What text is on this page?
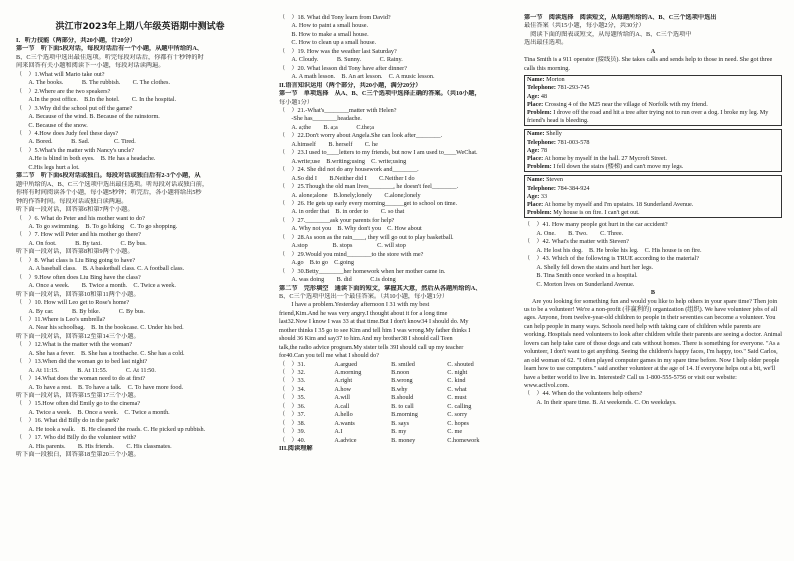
洪江市2023年上期八年级英语期中测试卷

I．听力技能（两部分，共20小题，计20分）

第一节　听下面5段对话，每段对话后有一个小题，从题中所给的A、

B、C三个选项中选出最佳选项。听完每段对话后，你都有十秒钟的时

间来回答有关小题和阅读下一小题，每段对话读两遍。

（　）1.What will Mario take out?

　　A. The books.　　　B. The rubbish.　　C. The clothes.

（　）2.Where are the two speakers?

　　A.In the post office.　B.In the hotel.　　C. In the hospital.

（　）3.Why did the school put off the game?

　　A. Because of the wind. B. Because of the rainstorm.

　　C. Because of the snow.

（　）4.How does Judy feel these days?

　　A. Bored.　　　B. Sad.　　　　C. Tired.

（　）5.What's the matter with Nancy's uncle?

　　A.He is blind in both eyes.　B. He has a headache.

　　C.His legs hurt a lot.

第二节　听下面6段对话或独白。每段对话或独白后有2-3个小题，从

题中所给的A、B、C三个选项中选出最佳选项。听每段对话或独白前，

你将有时间阅读各个小题，每小题5秒钟；听完后，各小题将给出5秒

钟的作答时间。每段对话或独白读两遍。

听下面一段对话，回答第6和第7两个小题。

（　）6. What do Peter and his mother want to do?

　　A. To go swimming.　B. To go hiking　C. To go shopping.

（　）7. How will Peter and his mother go there?

　　A. On foot.　　　B. By taxi.　　　C. By bus.

听下面一段对话，回答第8和第9两个小题。

（　）8. What class is Liu Bing going to have?

　　A. A baseball class.　B. A basketball class. C. A football class.

（　）9.How often does Liu Bing have the class?

　　A. Once a week.　　B. Twice a month.　C. Twice a week.

听下面一段对话，回答第10和第11两个小题。

（　）10. How will Leo get to Rose's home?

　　A. By car.　　　B. By bike.　　　C. By bus.

（　）11.Where is Leo's umbrella?

　　A. Near his schoolbag.　B. In the bookcase. C. Under his bed.

听下面一段对话，回答第12至第14三个小题。

（　）12.What is the matter with the woman?

　　A. She has a fever.　B. She has a toothache. C. She has a cold.

（　）13.When did the woman go to bed last night?

　　A. At 11:15.　　　B. At 11:55.　　　C. At 11:50.

（　）14.What does the woman need to do at first?

　　A. To have a rest.　B. To have a talk.　C. To have more food.

听下面一段对话，回答第15至第17三个小题。

（　）15.How often did Emily go to the cinema?

　　A. Twice a week.　B. Once a week.　C. Twice a month.

（　）16. What did Billy do in the park?

　　A. He took a walk.　B. He cleaned the roads. C. He picked up rubbish.

（　）17. Who did Billy do the volunteer with?

　　A. His parents.　　B. His friends.　　C. His classmates.

听下面一段独白，回答第18至第20三个小题。

（　）18. What did Tony learn from David?

　　A. How to paint a small house.

　　B. How to make a small house.

　　C. How to clean up a small house.

（　）19. How was the weather last Saturday?

　　A. Cloudy.　　　B. Sunny.　　　C. Rainy.

（　）20. What lesson did Tony have after dinner?

　　A. A math lesson.　B. An art lesson.　C. A music lesson.

II.语言知识运用（两个部分，共20小题，满分20分）

第一节　单项选择　从A、B、C三个选项中选择正确的答案。（共10小题，

每小题1分）

（　）21.-What's________matter with Helen?

　　-She has________headache.

　　A. a;the　　B. a;a　　　C.the;a

（　）22.Don't worry about Angela.She can look after________.

　　A.himself　　B. herself　　C. he

（　）23.I used to____letters to my friends, but now I am used to____WeChat.

　　A.write;use　B.writing;using　C. write;using

（　）24. She did not do any housework and________.

　　A.So did I　　B.Neither did I　　C.Neither I do

（　）25.Though the old man lives________, he doesn't feel________.

　　A. alone;alone　B.lonely;lonely　　C.alone;lonely

（　）26. He gets up early every morning______get to school on time.

　　A. in order that　B. in order to　　C. so that

（　）27.________ask your parents for help?

　　A. Why not you　B. Why don't you　C. How about

（　）28.As soon as the rain____, they will go out to play basketball.

　　A.stop　　　　B. stops　　　　C. will stop

（　）29.Would you mind________to the store with me?

　　A.go　B.to go　C.going

（　）30.Betty________her homework when her mother came in.

　　A. was doing　　B. did　　　C.is doing

第二节　完形填空　通读下面的短文，掌握其大意，然后从各题所给的A、

B、C三个选项中选出一个最佳答案。（共10小题，每小题1分）

　　I have a problem.Yesterday afternoon I 31 with my best

friend,Kim.And he was very angry.I thought about it for a long time

last32.Now I know I was 33 at that time.But I don't know34 I should do. My

mother thinks I 35 go to see Kim and tell him I was wrong.My father thinks I

should 36 Kim and say37 to him.And my brother38 I should call Teen

talk,the radio advice program.My sister tells 39I should call up my teacher

for40.Can you tell me what I should do?

（　）31.	A.argued	B. smiled	C. shouted
（　）32.	A.morning	B.noon	C. night
（　）33.	A.right	B.wrong	C. kind
（　）34.	A.how	B.why	C. what
（　）35.	A.will	B.should	C. must
（　）36.	A.call	B. to call	C. calling
（　）37.	A.hello	B.morning	C. sorry
（　）38.	A.wants	B. says	C. hopes
（　）39.	A.I	B. my	C. me
（　）40.	A.advice	B. money	C.homework

III.阅读理解

第一节　阅读选择　阅读短文，从每题所给的A、B、C三个选项中选出

最佳答案（共15小题，每小题2分，共30分）

　阅读下面的图表或短文，从每题所给的A、B、C三个选项中

选出最佳选项。

A

Tina Smith is a 911 operator (接线员). She takes calls and sends help to those in need. She got three calls this morning.

Name: Morton

Telephone: 781-293-745

Age: 48

Place: Crossing 4 of the M25 near the village of Norfolk with my friend.

Problem: I drove off the road and hit a tree after trying not to run over a dog. I broke my leg. My friend's head is bleeding.

Name: Shelly

Telephone: 781-003-578

Age: 78

Place: At home by myself in the hall. 27 Mycroft Street.

Problem: I fell down the stairs (楼梯) and can't move my legs.

Name: Steven

Telephone: 784-384-924

Age: 33

Place: At home by myself and I'm upstairs. 18 Sunderland Avenue.

Problem: My house is on fire. I can't get out.

（　）41. How many people got hurt in the car accident?

　　A. One.　　B. Two.　　C. Three.

（　）42. What's the matter with Steven?

　　A. He lost his dog.　B. He broke his leg.　C. His house is on fire.

（　）43. Which of the following is TRUE according to the material?

　　A. Shelly fell down the stairs and hurt her legs.

　　B. Tina Smith once worked in a hospital.

　　C. Morton lives on Sunderland Avenue.

B

Are you looking for something fun and would you like to help others in your spare time? Then join us to be a volunteer! We're a non-profit (非赢利的) organization (组织). We have volunteer jobs of all ages. Anyone, from twelve-year-old children to people in their seventies can become a volunteer. You can help people in many ways. Schools need help with taking care of children while parents are working. Hospitals need volunteers to look after children while their parents are seeing a doctor. Animal lovers can help take care of those dogs and cats without homes. There is something for everyone. "As a volunteer, I don't want to get anything. Seeing the children's happy faces, I'm happy, too." Said Carlos, an old woman of 62. "I often played computer games in my spare time before. Now I help older people learn how to use computers." said another volunteer at the age of 14. If everyone helps out a bit, we'll have a better world to live in. Interested? Call us 1-800-555-5756 or visit our website: www.actlvol.com.

（　）44. When do the volunteers help others?

　　A. In their spare time. B. At weekends. C. On weekdays.
